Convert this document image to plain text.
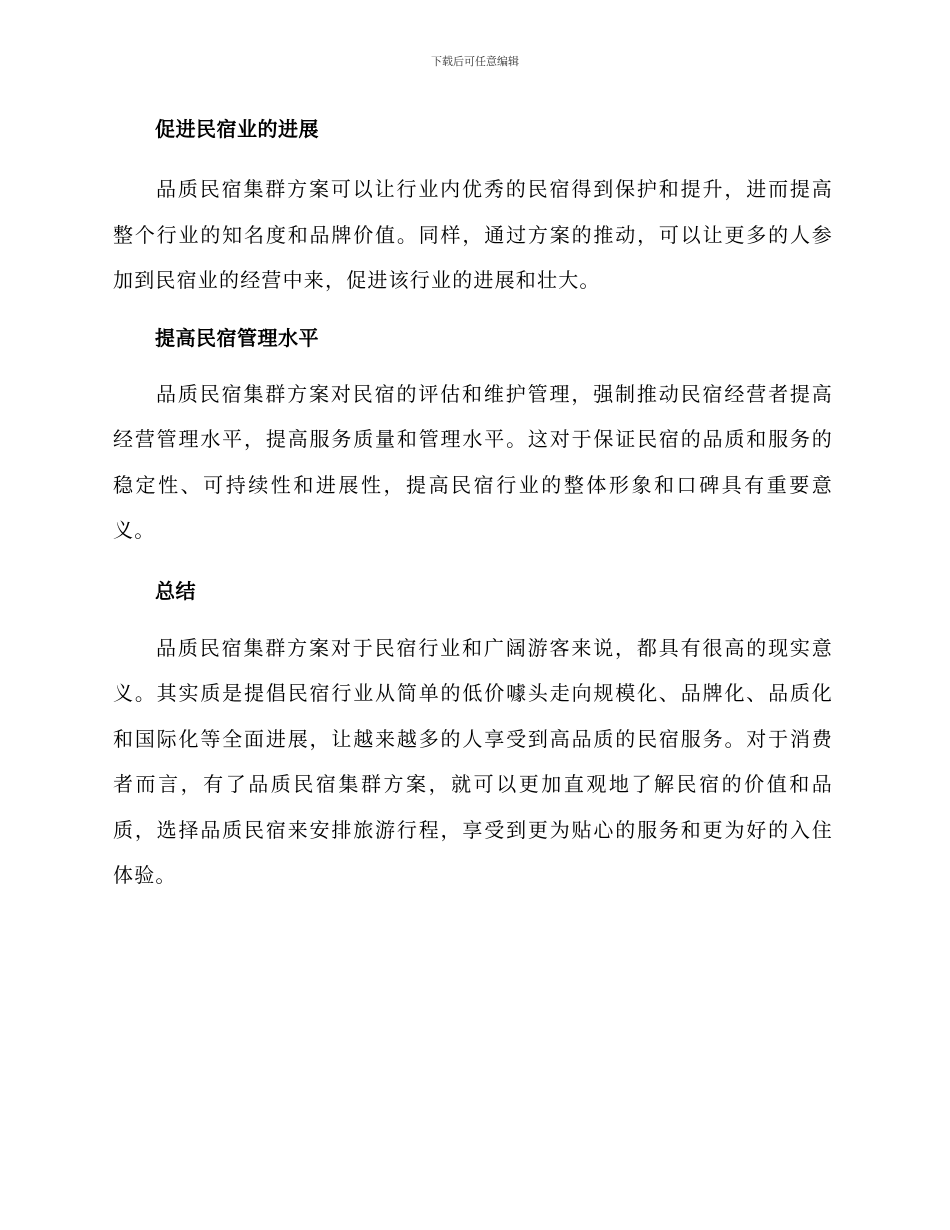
下载后可任意编辑
促进民宿业的进展

品质民宿集群方案可以让行业内优秀的民宿得到保护和提升，进而提高整个行业的知名度和品牌价值。同样，通过方案的推动，可以让更多的人参加到民宿业的经营中来，促进该行业的进展和壮大。

提高民宿管理水平

品质民宿集群方案对民宿的评估和维护管理，强制推动民宿经营者提高经营管理水平，提高服务质量和管理水平。这对于保证民宿的品质和服务的稳定性、可持续性和进展性，提高民宿行业的整体形象和口碑具有重要意义。

总结

品质民宿集群方案对于民宿行业和广阔游客来说，都具有很高的现实意义。其实质是提倡民宿行业从简单的低价噱头走向规模化、品牌化、品质化和国际化等全面进展，让越来越多的人享受到高品质的民宿服务。对于消费者而言，有了品质民宿集群方案，就可以更加直观地了解民宿的价值和品质，选择品质民宿来安排旅游行程，享受到更为贴心的服务和更为好的入住体验。
